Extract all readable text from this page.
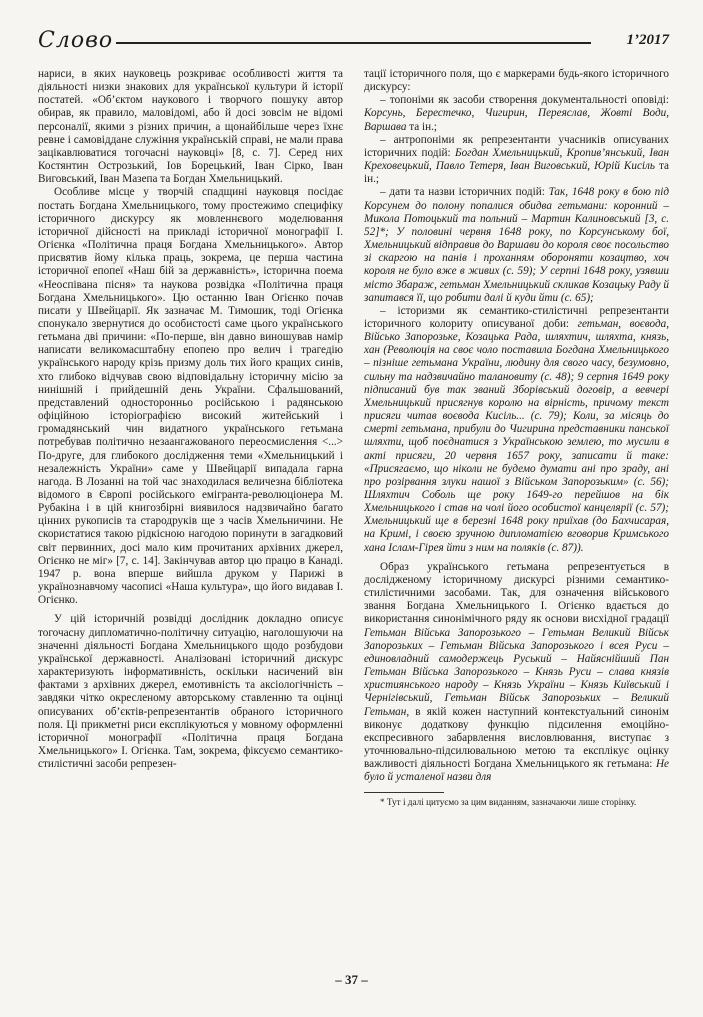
Слово	1’2017

нариси, в яких науковець розкриває особливості життя та діяльності низки знакових для української культури й історії постатей. «Об’єктом наукового і творчого пошуку автор обирав, як правило, маловідомі, або й досі зовсім не відомі персоналії, якими з різних причин, а щонайбільше через їхнє ревне і самовіддане служіння українській справі, не мали права зацікавлюватися тогочасні науковці» [8, с. 7]. Серед них Костянтин Острозький, Іов Борецький, Іван Сірко, Іван Виговський, Іван Мазепа та Богдан Хмельницький.

Особливе місце у творчій спадщині науковця посідає постать Богдана Хмельницького, тому простежимо специфіку історичного дискурсу як мовленнєвого моделювання історичної дійсності на прикладі історичної монографії І. Огієнка «Політична праця Богдана Хмельницького». Автор присвятив йому кілька праць, зокрема, це перша частина історичної епопеї «Наш бій за державність», історична поема «Неоспівана пісня» та наукова розвідка «Політична праця Богдана Хмельницького». Цю останню Іван Огієнко почав писати у Швейцарії. Як зазначає М. Тимошик, тоді Огієнка спонукало звернутися до особистості саме цього українського гетьмана дві причини: «По-перше, він давно виношував намір написати великомасштабну епопею про велич і трагедію українського народу крізь призму доль тих його кращих синів, хто глибоко відчував свою відповідальну історичну місію за нинішній і прийдешній день України. Сфальшований, представлений односторонньо російською і радянською офіційною історіографією високий житейський і громадянський чин видатного українського гетьмана потребував політично незаангажованого переосмислення <...> По-друге, для глибокого дослідження теми «Хмельницький і незалежність України» саме у Швейцарії випадала гарна нагода. В Лозанні на той час знаходилася величезна бібліотека відомого в Європі російського емігранта-революціонера М. Рубакіна і в цій книгозбірні виявилося надзвичайно багато цінних рукописів та стародруків ще з часів Хмельничини. Не скористатися такою рідкісною нагодою поринути в загадковий світ первинних, досі мало ким прочитаних архівних джерел, Огієнко не міг» [7, с. 14]. Закінчував автор цю працю в Канаді. 1947 р. вона вперше вийшла друком у Парижі в українознавчому часописі «Наша культура», що його видавав І. Огієнко.

У цій історичній розвідці дослідник докладно описує тогочасну дипломатично-політичну ситуацію, наголошуючи на значенні діяльності Богдана Хмельницького щодо розбудови української державності. Аналізовані історичний дискурс характеризують інформативність, оскільки насичений він фактами з архівних джерел, емотивність та аксіологічність – завдяки чітко окресленому авторському ставленню та оцінці описуваних об’єктів-репрезентантів обраного історичного поля. Ці прикметні риси експлікуються у мовному оформленні історичної монографії «Політична праця Богдана Хмельницького» І. Огієнка. Там, зокрема, фіксуємо семантико-стилістичні засоби репрезен-

тації історичного поля, що є маркерами будь-якого історичного дискурсу:

– топоніми як засоби створення документальності оповіді: Корсунь, Берестечко, Чигирин, Переяслав, Жовті Води, Варшава та ін.;

– антропоніми як репрезентанти учасників описуваних історичних подій: Богдан Хмельницький, Кропив’янський, Іван Креховецький, Павло Тетеря, Іван Виговський, Юрій Кисіль та ін.;

– дати та назви історичних подій: Так, 1648 року в бою під Корсунем до полону попалися обидва гетьмани: коронний – Микола Потоцький та польний – Мартин Калиновський [3, с. 52]*; У половині червня 1648 року, по Корсунському бої, Хмельницький відправив до Варшави до короля своє посольство зі скаргою на панів і проханням обороняти козацтво, хоч короля не було вже в живих (с. 59); У серпні 1648 року, узявши місто Збараж, гетьман Хмельницький скликав Козацьку Раду й запитався її, що робити далі й куди йти (с. 65);

– історизми як семантико-стилістичні репрезентанти історичного колориту описуваної доби: гетьман, воєвода, Військо Запорозьке, Козацька Рада, шляхтич, шляхта, князь, хан (Революція на своє чоло поставила Богдана Хмельницького – пізніше гетьмана України, людину для свого часу, безумовно, сильну та надзвичайно талановиту (с. 48); 9 серпня 1649 року підписаний був так званий Зборівський договір, а вевчері Хмельницький присягнув королю на вірність, причому текст присяги читав воєвода Кисіль... (с. 79); Коли, за місяць до смерті гетьмана, прибули до Чигирина представники панської шляхти, щоб поєднатися з Українською землею, то мусили в акті присяги, 20 червня 1657 року, записати й таке: «Присягаємо, що ніколи не будемо думати ані про зраду, ані про розірвання злуки нашої з Військом Запорозьким» (с. 56); Шляхтич Соболь ще року 1649-го перейшов на бік Хмельницького і став на чолі його особистої канцелярії (с. 57); Хмельницький ще в березні 1648 року приїхав (до Бахчисарая, на Кримі, і своєю зручною дипломатією вговорив Кримського хана Іслам-Гірея йти з ним на поляків (с. 87)).

Образ українського гетьмана репрезентується в дослідженому історичному дискурсі різними семантико-стилістичними засобами. Так, для означення військового звання Богдана Хмельницького І. Огієнко вдається до використання синонімічного ряду як основи висхідної градації Гетьман Війська Запорозького – Гетьман Великий Військ Запорозьких – Гетьман Війська Запорозького і всея Руси – единовладний самодержець Руський – Найяснійший Пан Гетьман Війська Запорозького – Князь Руси – слава князів християнського народу – Князь України – Князь Київський і Чернігівський, Гетьман Військ Запорозьких – Великий Гетьман, в якій кожен наступний контекстуальний синонім виконує додаткову функцію підсилення емоційно-експресивного забарвлення висловлювання, виступає з уточнювально-підсилювальною метою та експлікує оцінку важливості діяльності Богдана Хмельницького як гетьмана: Не було й усталеної назви для

* Тут і далі цитуємо за цим виданням, зазначаючи лише сторінку.

– 37 –
